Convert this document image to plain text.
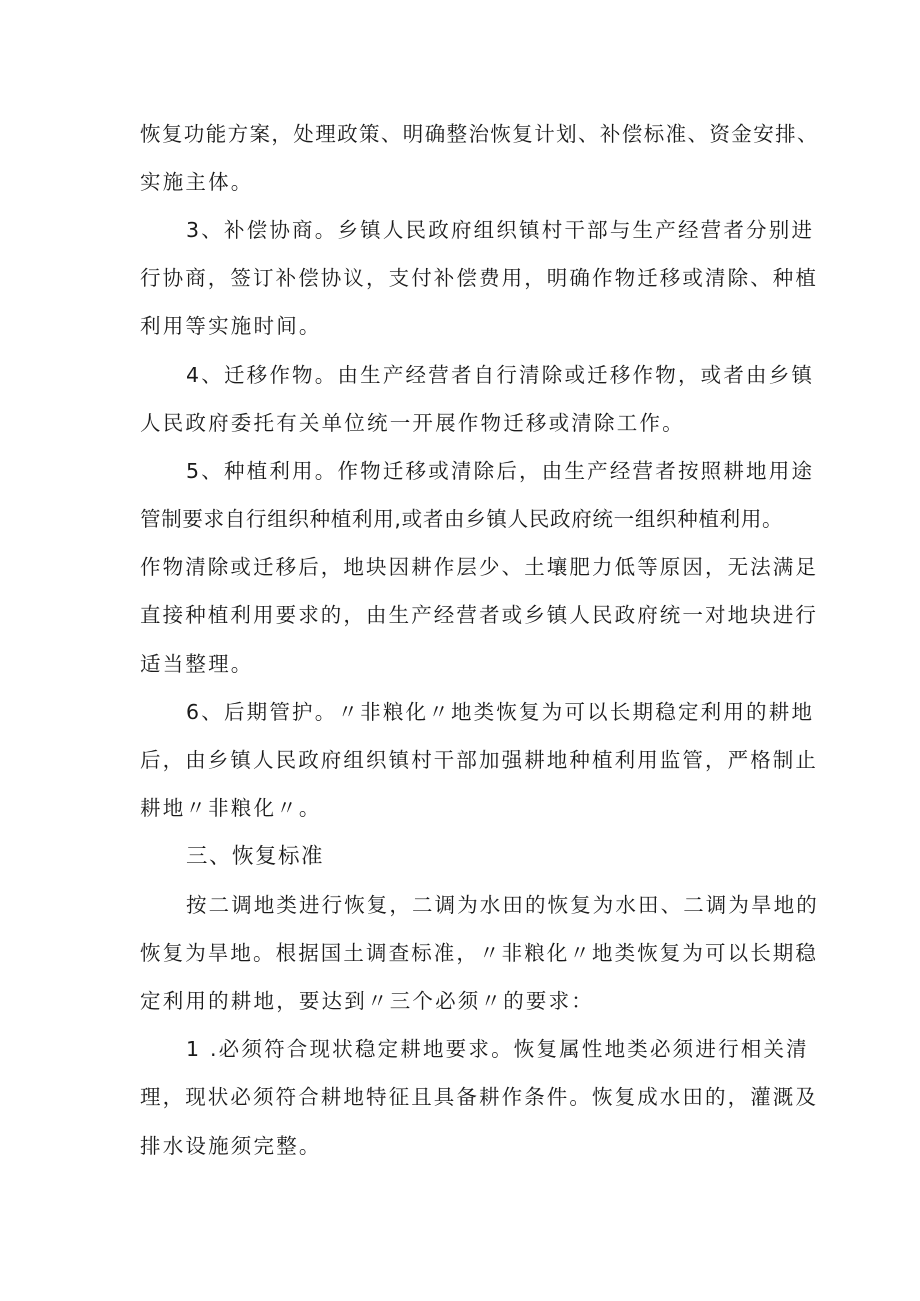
恢复功能方案，处理政策、明确整治恢复计划、补偿标准、资金安排、
实施主体。
3、补偿协商。乡镇人民政府组织镇村干部与生产经营者分别进
行协商，签订补偿协议，支付补偿费用，明确作物迁移或清除、种植
利用等实施时间。
4、迁移作物。由生产经营者自行清除或迁移作物，或者由乡镇
人民政府委托有关单位统一开展作物迁移或清除工作。
5、种植利用。作物迁移或清除后，由生产经营者按照耕地用途
管制要求自行组织种植利用,或者由乡镇人民政府统一组织种植利用。
作物清除或迁移后，地块因耕作层少、土壤肥力低等原因，无法满足
直接种植利用要求的，由生产经营者或乡镇人民政府统一对地块进行
适当整理。
6、后期管护。〃非粮化〃地类恢复为可以长期稳定利用的耕地
后，由乡镇人民政府组织镇村干部加强耕地种植利用监管，严格制止
耕地〃非粮化〃。
三、恢复标准
按二调地类进行恢复，二调为水田的恢复为水田、二调为旱地的
恢复为旱地。根据国土调查标准，〃非粮化〃地类恢复为可以长期稳
定利用的耕地，要达到〃三个必须〃的要求：
1 .必须符合现状稳定耕地要求。恢复属性地类必须进行相关清
理，现状必须符合耕地特征且具备耕作条件。恢复成水田的，灌溉及
排水设施须完整。
